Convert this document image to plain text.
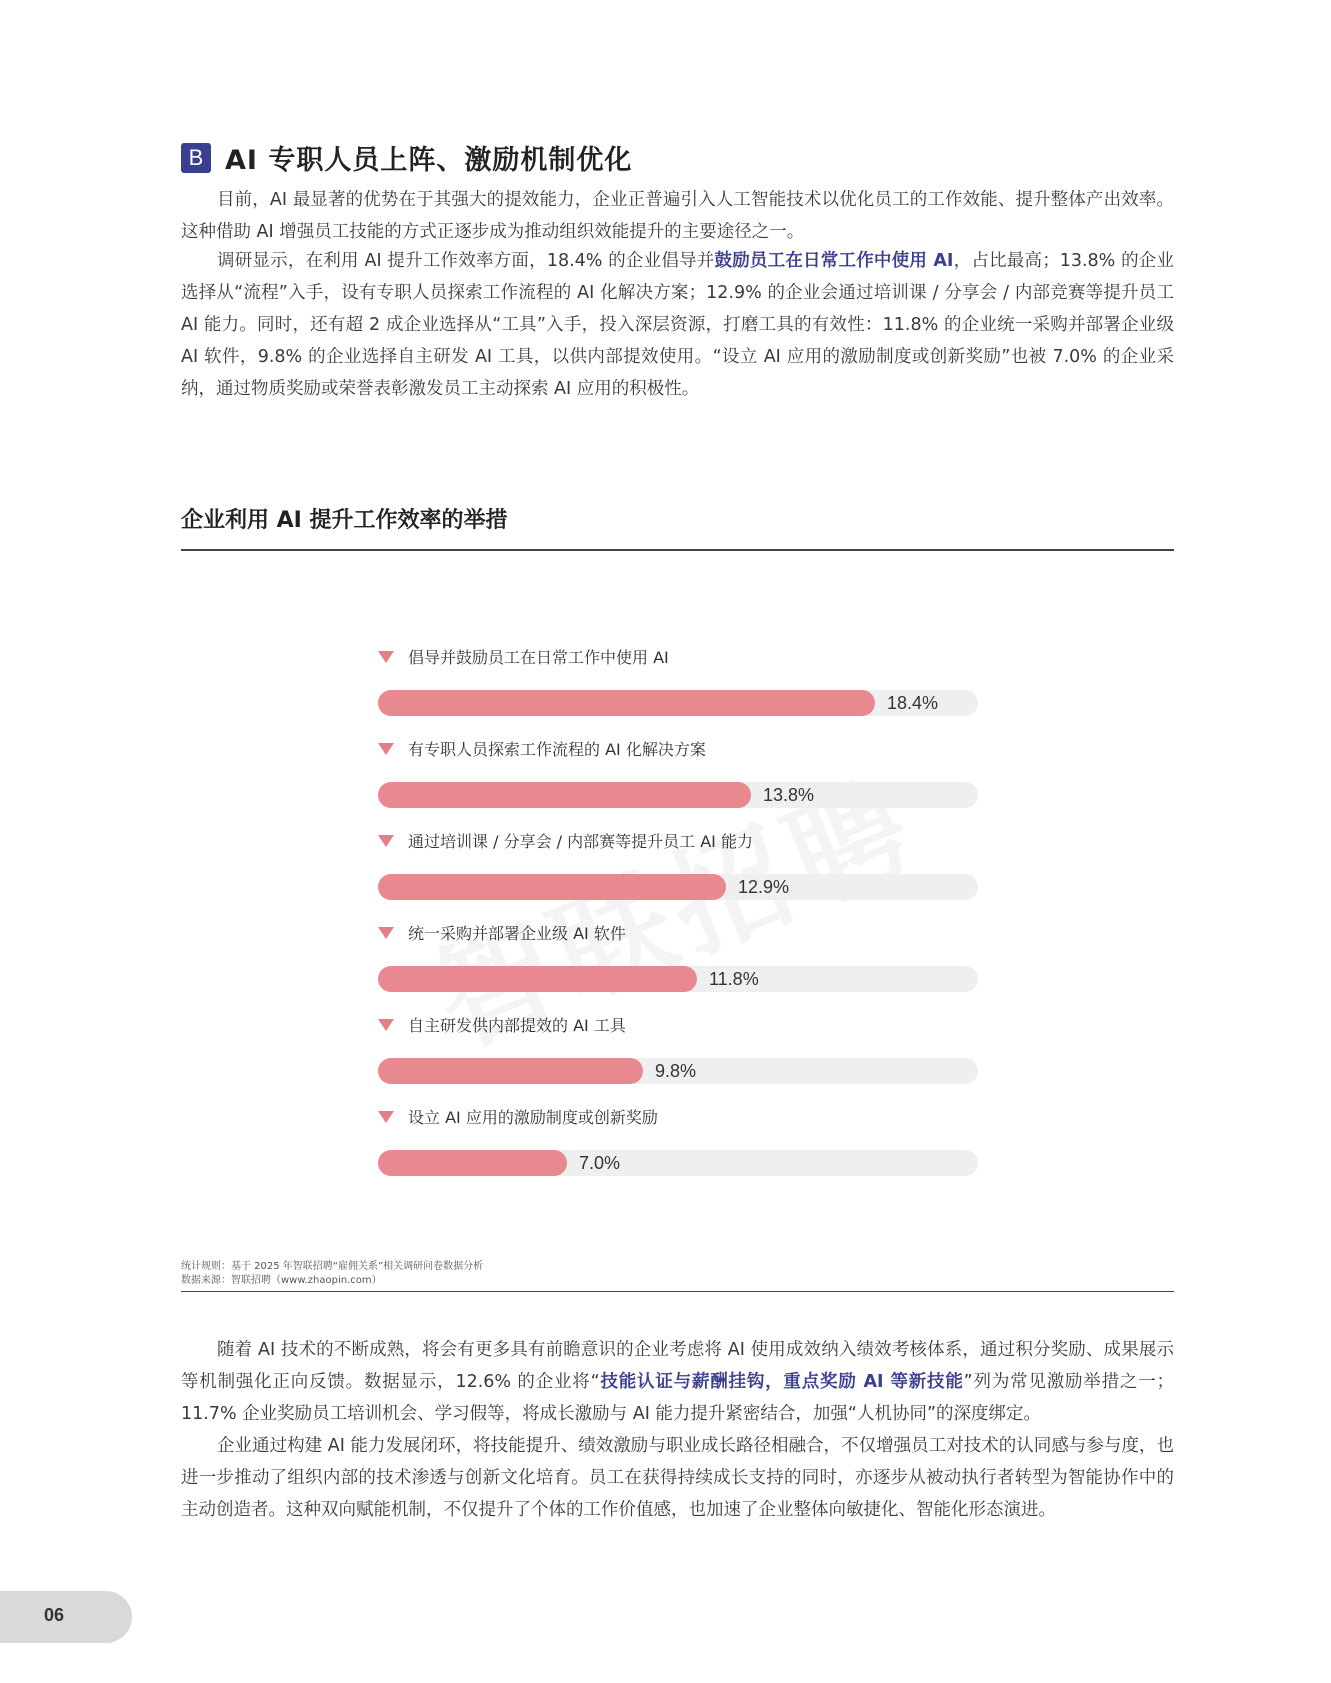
B AI 专职人员上阵、激励机制优化

目前，AI 最显著的优势在于其强大的提效能力，企业正普遍引入人工智能技术以优化员工的工作效能、提升整体产出效率。这种借助 AI 增强员工技能的方式正逐步成为推动组织效能提升的主要途径之一。

调研显示，在利用 AI 提升工作效率方面，18.4% 的企业倡导并鼓励员工在日常工作中使用 AI，占比最高；13.8% 的企业选择从“流程”入手，设有专职人员探索工作流程的 AI 化解决方案；12.9% 的企业会通过培训课 / 分享会 / 内部竞赛等提升员工 AI 能力。同时，还有超 2 成企业选择从“工具”入手，投入深层资源，打磨工具的有效性：11.8% 的企业统一采购并部署企业级 AI 软件，9.8% 的企业选择自主研发 AI 工具，以供内部提效使用。“设立 AI 应用的激励制度或创新奖励”也被 7.0% 的企业采纳，通过物质奖励或荣誉表彰激发员工主动探索 AI 应用的积极性。

企业利用 AI 提升工作效率的举措
倡导并鼓励员工在日常工作中使用 AI
18.4%
有专职人员探索工作流程的 AI 化解决方案
13.8%
通过培训课 / 分享会 / 内部赛等提升员工 AI 能力
12.9%
统一采购并部署企业级 AI 软件
11.8%
自主研发供内部提效的 AI 工具
9.8%
设立 AI 应用的激励制度或创新奖励
7.0%
统计规则：基于 2025 年智联招聘“雇佣关系”相关调研问卷数据分析
数据来源：智联招聘（www.zhaopin.com）

随着 AI 技术的不断成熟，将会有更多具有前瞻意识的企业考虑将 AI 使用成效纳入绩效考核体系，通过积分奖励、成果展示等机制强化正向反馈。数据显示，12.6% 的企业将“技能认证与薪酬挂钩，重点奖励 AI 等新技能”列为常见激励举措之一；11.7% 企业奖励员工培训机会、学习假等，将成长激励与 AI 能力提升紧密结合，加强“人机协同”的深度绑定。

企业通过构建 AI 能力发展闭环，将技能提升、绩效激励与职业成长路径相融合，不仅增强员工对技术的认同感与参与度，也进一步推动了组织内部的技术渗透与创新文化培育。员工在获得持续成长支持的同时，亦逐步从被动执行者转型为智能协作中的主动创造者。这种双向赋能机制，不仅提升了个体的工作价值感，也加速了企业整体向敏捷化、智能化形态演进。

06
